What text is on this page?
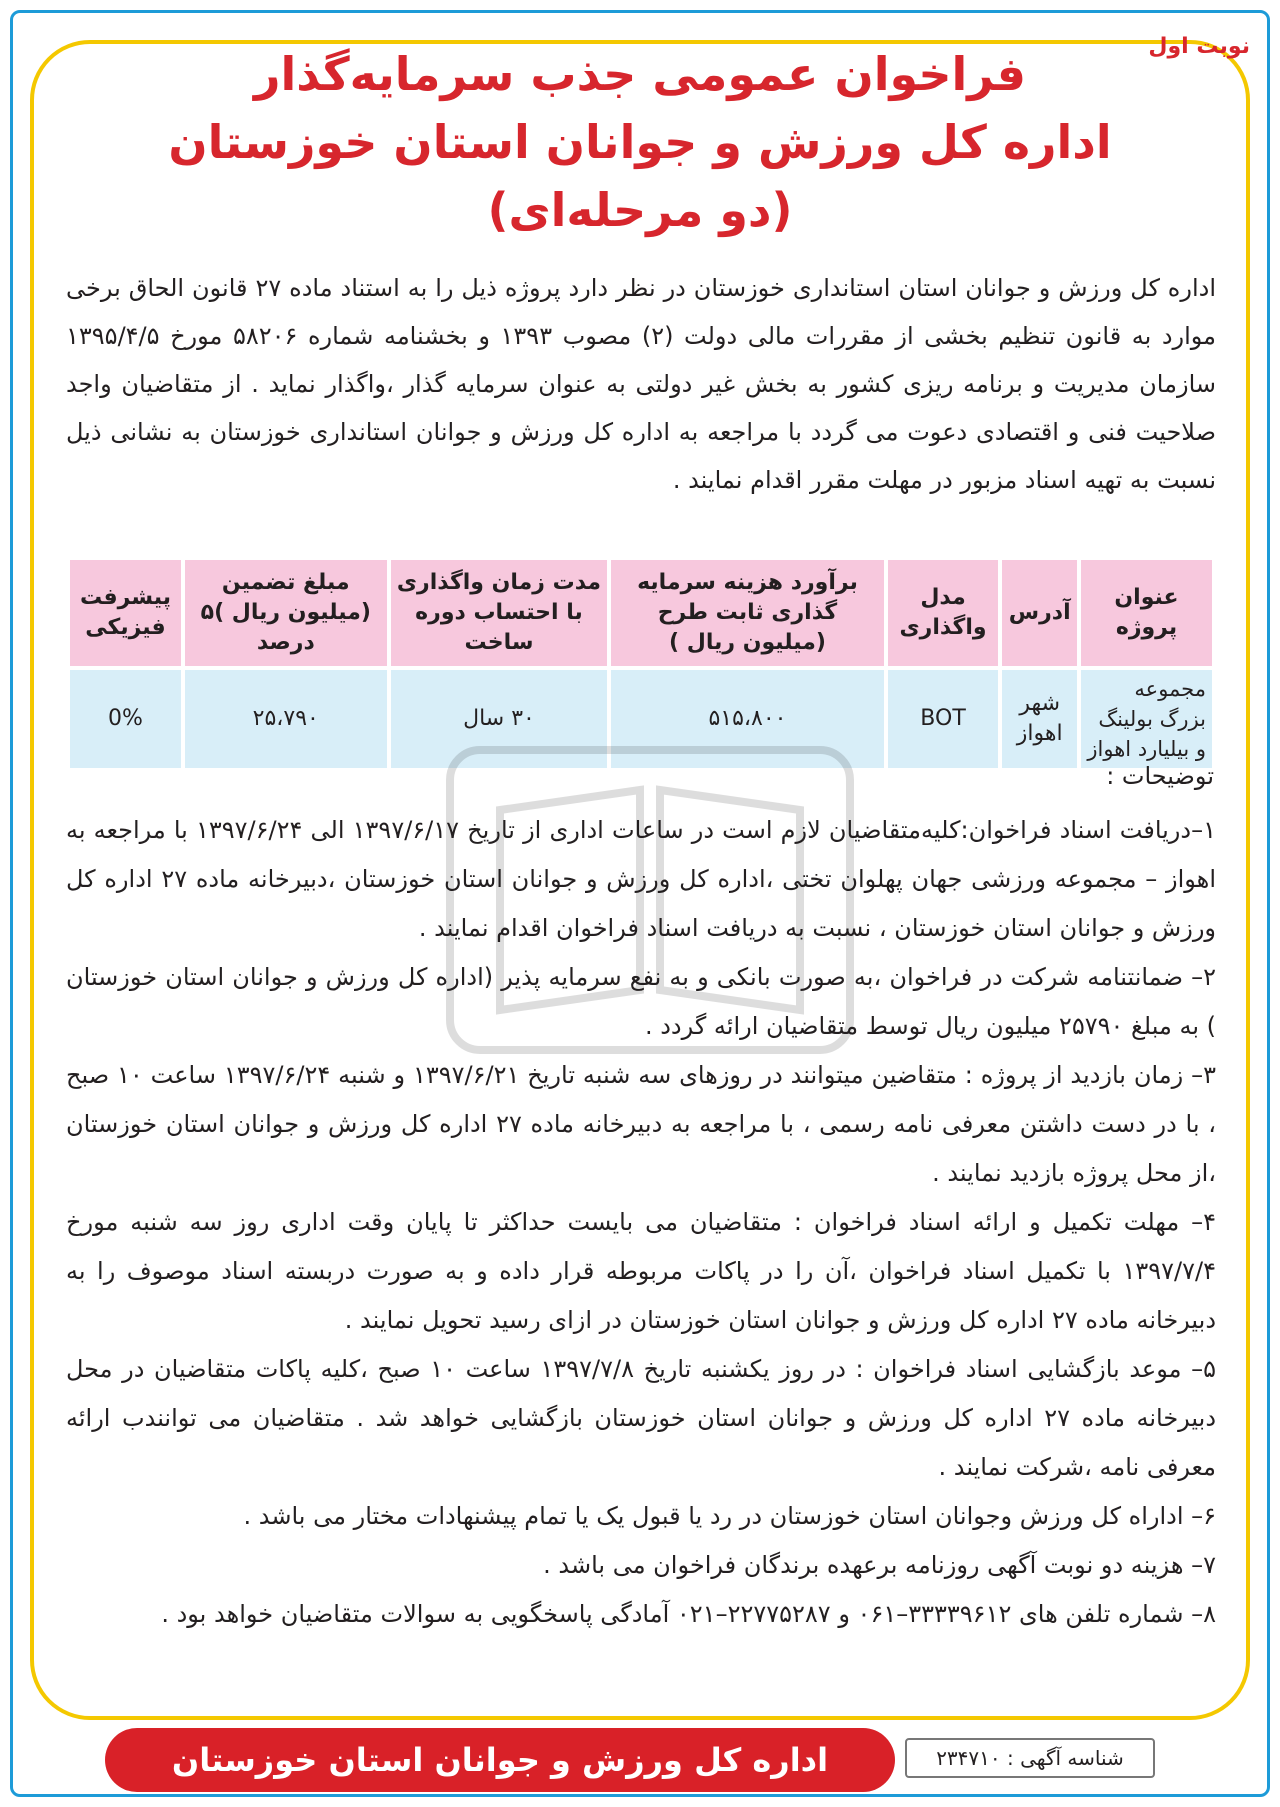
نوبت اول
فراخوان عمومی جذب سرمایه‌گذار
اداره کل ورزش و جوانان استان خوزستان
(دو مرحله‌ای)
اداره کل ورزش و جوانان استان استانداری خوزستان در نظر دارد پروژه ذیل را به استناد ماده ۲۷ قانون الحاق برخی موارد به قانون تنظیم بخشی از مقررات مالی دولت (۲) مصوب ۱۳۹۳ و بخشنامه شماره ۵۸۲۰۶ مورخ ۱۳۹۵/۴/۵ سازمان مدیریت و برنامه ریزی کشور به بخش غیر دولتی به عنوان سرمایه گذار ،واگذار نماید . از متقاضیان واجد صلاحیت فنی و اقتصادی دعوت می گردد با مراجعه به اداره کل ورزش و جوانان استانداری خوزستان به نشانی ذیل نسبت به تهیه اسناد مزبور در مهلت مقرر اقدام نمایند .
عنوان پروژه	آدرس	مدل واگذاری	برآورد هزینه سرمایه گذاری ثابت طرح (میلیون ریال )	مدت زمان واگذاری با احتساب دوره ساخت	مبلغ تضمین (میلیون ریال )۵ درصد	پیشرفت فیزیکی
مجموعه بزرگ بولینگ و بیلیارد اهواز	شهر اهواز	BOT	۵۱۵،۸۰۰	۳۰ سال	۲۵،۷۹۰	0%
توضیحات :

۱–دریافت اسناد فراخوان:کلیه‌متقاضیان لازم است در ساعات اداری از تاریخ ۱۳۹۷/۶/۱۷ الی ۱۳۹۷/۶/۲۴ با مراجعه به اهواز – مجموعه ورزشی جهان پهلوان تختی ،اداره کل ورزش و جوانان استان خوزستان ،دبیرخانه ماده ۲۷ اداره کل ورزش و جوانان استان خوزستان ، نسبت به دریافت اسناد فراخوان اقدام نمایند .

۲– ضمانتنامه شرکت در فراخوان ،به صورت بانکی و به نفع سرمایه پذیر (اداره کل ورزش و جوانان استان خوزستان ) به مبلغ ۲۵۷۹۰ میلیون ریال توسط متقاضیان ارائه گردد .

۳– زمان بازدید از پروژه : متقاضین میتوانند در روزهای سه شنبه تاریخ ۱۳۹۷/۶/۲۱ و شنبه ۱۳۹۷/۶/۲۴ ساعت ۱۰ صبح ، با در دست داشتن معرفی نامه رسمی ، با مراجعه به دبیرخانه ماده ۲۷ اداره کل ورزش و جوانان استان خوزستان ،از محل پروژه بازدید نمایند .

۴– مهلت تکمیل و ارائه اسناد فراخوان : متقاضیان می بایست حداکثر تا پایان وقت اداری روز سه شنبه مورخ ۱۳۹۷/۷/۴ با تکمیل اسناد فراخوان ،آن را در پاکات مربوطه قرار داده و به صورت دربسته اسناد موصوف را به دبیرخانه ماده ۲۷ اداره کل ورزش و جوانان استان خوزستان در ازای رسید تحویل نمایند .

۵– موعد بازگشایی اسناد فراخوان : در روز یکشنبه تاریخ ۱۳۹۷/۷/۸ ساعت ۱۰ صبح ،کلیه پاکات متقاضیان در محل دبیرخانه ماده ۲۷ اداره کل ورزش و جوانان استان خوزستان بازگشایی خواهد شد . متقاضیان می توانندب ارائه معرفی نامه ،شرکت نمایند .

۶– اداراه کل ورزش وجوانان استان خوزستان در رد یا قبول یک یا تمام پیشنهادات مختار می باشد .

۷– هزینه دو نوبت آگهی روزنامه برعهده برندگان فراخوان می باشد .

۸– شماره تلفن های ۳۳۳۳۹۶۱۲–۰۶۱ و ۲۲۷۷۵۲۸۷–۰۲۱ آمادگی پاسخگویی به سوالات متقاضیان خواهد بود .

اداره کل ورزش و جوانان استان خوزستان	شناسه آگهی : ۲۳۴۷۱۰
